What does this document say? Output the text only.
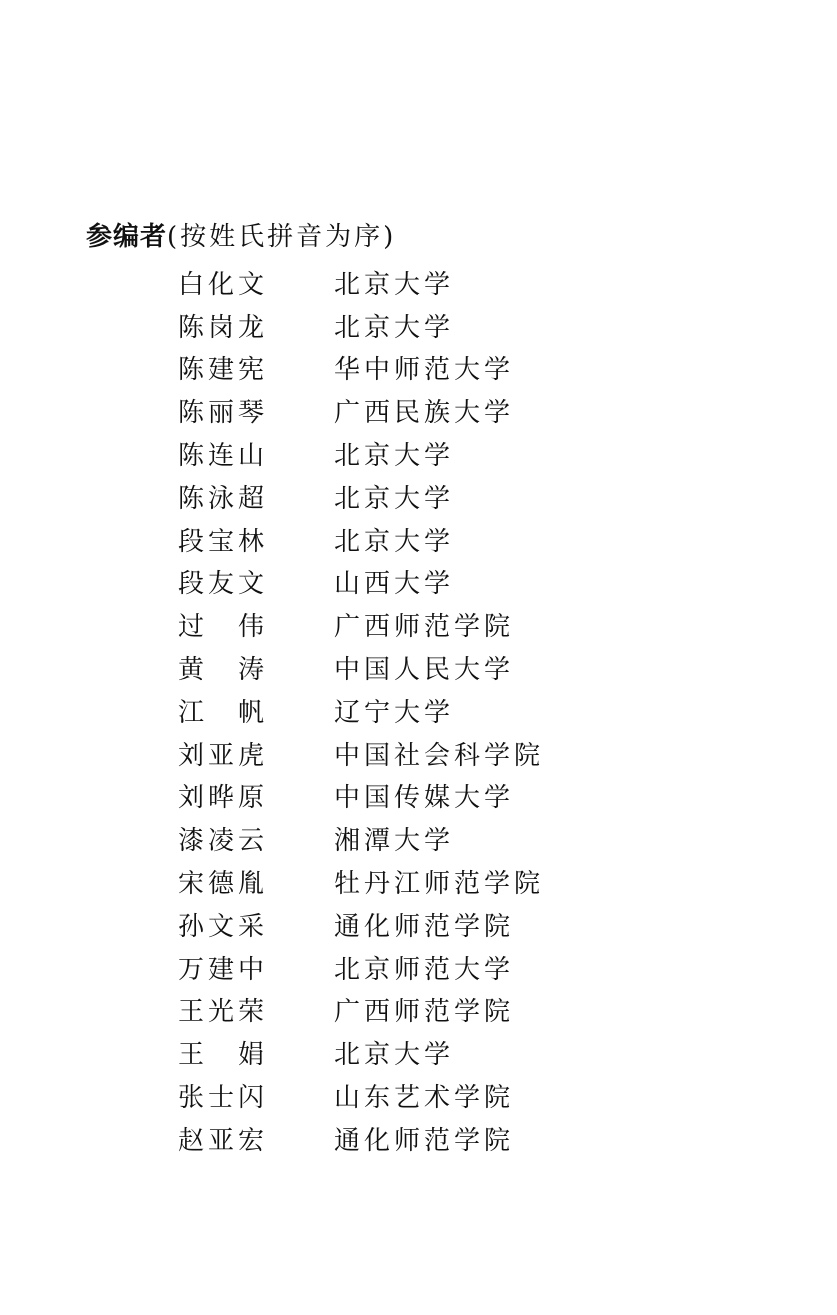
参编者(按姓氏拼音为序)
白化文	北京大学
陈岗龙	北京大学
陈建宪	华中师范大学
陈丽琴	广西民族大学
陈连山	北京大学
陈泳超	北京大学
段宝林	北京大学
段友文	山西大学
过　伟	广西师范学院
黄　涛	中国人民大学
江　帆	辽宁大学
刘亚虎	中国社会科学院
刘晔原	中国传媒大学
漆凌云	湘潭大学
宋德胤	牡丹江师范学院
孙文采	通化师范学院
万建中	北京师范大学
王光荣	广西师范学院
王　娟	北京大学
张士闪	山东艺术学院
赵亚宏	通化师范学院
